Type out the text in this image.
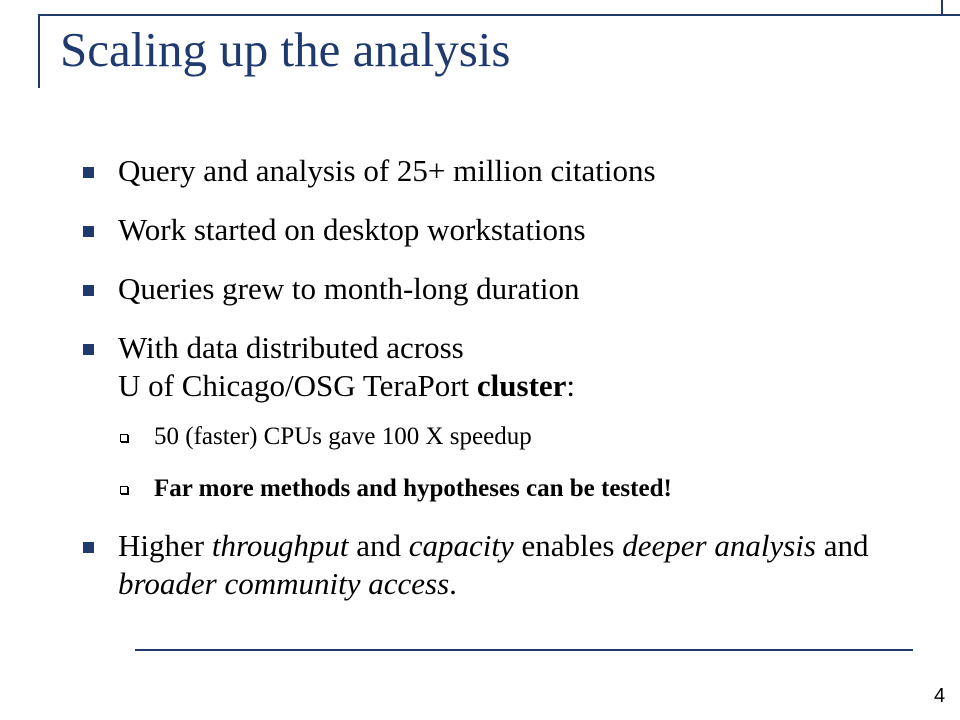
Scaling up the analysis
Query and analysis of 25+ million citations
Work started on desktop workstations
Queries grew to month-long duration
With data distributed across
U of Chicago/OSG TeraPort cluster:
50 (faster) CPUs gave 100 X speedup
Far more methods and hypotheses can be tested!
Higher throughput and capacity enables deeper analysis and broader community access.
4
